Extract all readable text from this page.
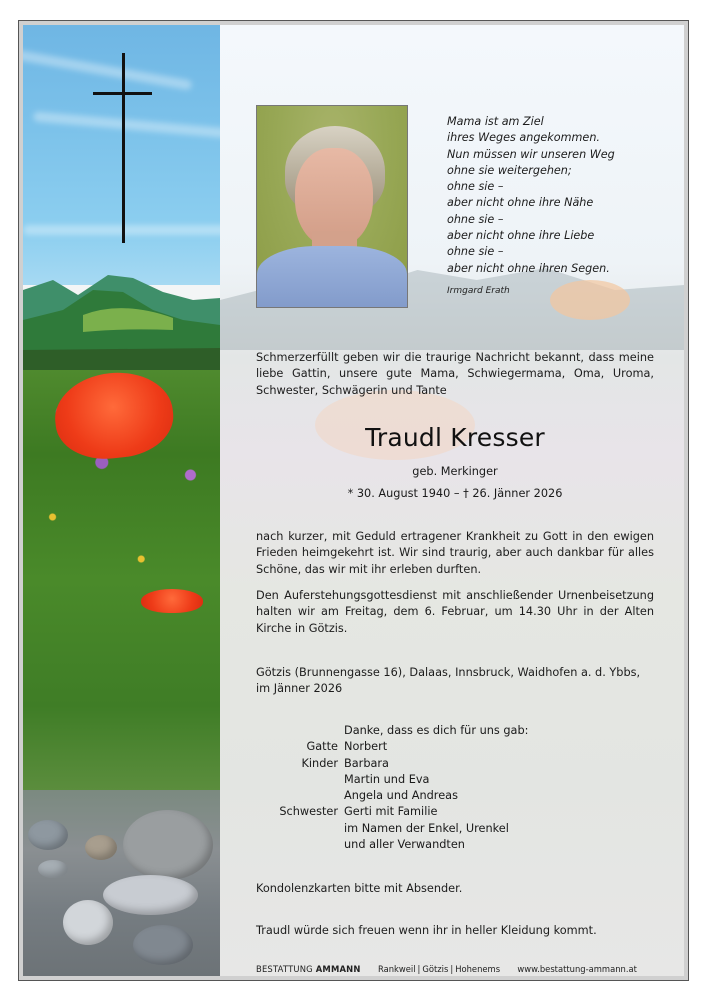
Mama ist am Ziel
ihres Weges angekommen.
Nun müssen wir unseren Weg
ohne sie weitergehen;
ohne sie –
aber nicht ohne ihre Nähe
ohne sie –
aber nicht ohne ihre Liebe
ohne sie –
aber nicht ohne ihren Segen.
Irmgard Erath
Schmerzerfüllt geben wir die traurige Nachricht bekannt, dass meine liebe Gattin, unsere gute Mama, Schwiegermama, Oma, Uroma, Schwester, Schwägerin und Tante
Traudl Kresser
geb. Merkinger
* 30. August 1940 – † 26. Jänner 2026
nach kurzer, mit Geduld ertragener Krankheit zu Gott in den ewigen Frieden heimgekehrt ist. Wir sind traurig, aber auch dankbar für alles Schöne, das wir mit ihr erleben durften.
Den Auferstehungsgottesdienst mit anschließender Urnenbeisetzung halten wir am Freitag, dem 6. Februar, um 14.30 Uhr in der Alten Kirche in Götzis.
Götzis (Brunnengasse 16), Dalaas, Innsbruck, Waidhofen a. d. Ybbs,
im Jänner 2026
Danke, dass es dich für uns gab:
Gatte Norbert
Kinder Barbara
Martin und Eva
Angela und Andreas
Schwester Gerti mit Familie
im Namen der Enkel, Urenkel
und aller Verwandten
Kondolenzkarten bitte mit Absender.
Traudl würde sich freuen wenn ihr in heller Kleidung kommt.
BESTATTUNG AMMANN Rankweil | Götzis | Hohenems www.bestattung-ammann.at
